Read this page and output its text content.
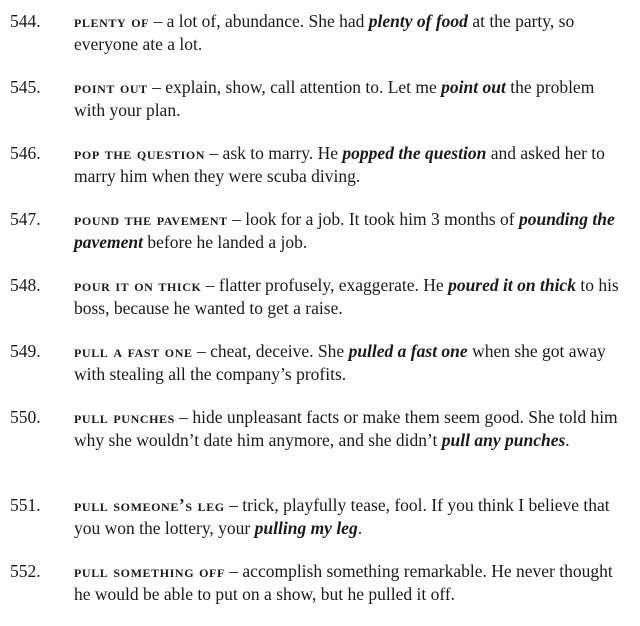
544.	plenty of – a lot of, abundance. She had plenty of food at the party, so everyone ate a lot.
545.	point out – explain, show, call attention to. Let me point out the problem with your plan.
546.	pop the question – ask to marry. He popped the question and asked her to marry him when they were scuba diving.
547.	pound the pavement – look for a job. It took him 3 months of pounding the pavement before he landed a job.
548.	pour it on thick – flatter profusely, exaggerate. He poured it on thick to his boss, because he wanted to get a raise.
549.	pull a fast one – cheat, deceive. She pulled a fast one when she got away with stealing all the company’s profits.
550.	pull punches – hide unpleasant facts or make them seem good. She told him why she wouldn’t date him anymore, and she didn’t pull any punches.
551.	pull someone’s leg – trick, playfully tease, fool. If you think I believe that you won the lottery, your pulling my leg.
552.	pull something off – accomplish something remarkable. He never thought he would be able to put on a show, but he pulled it off.
